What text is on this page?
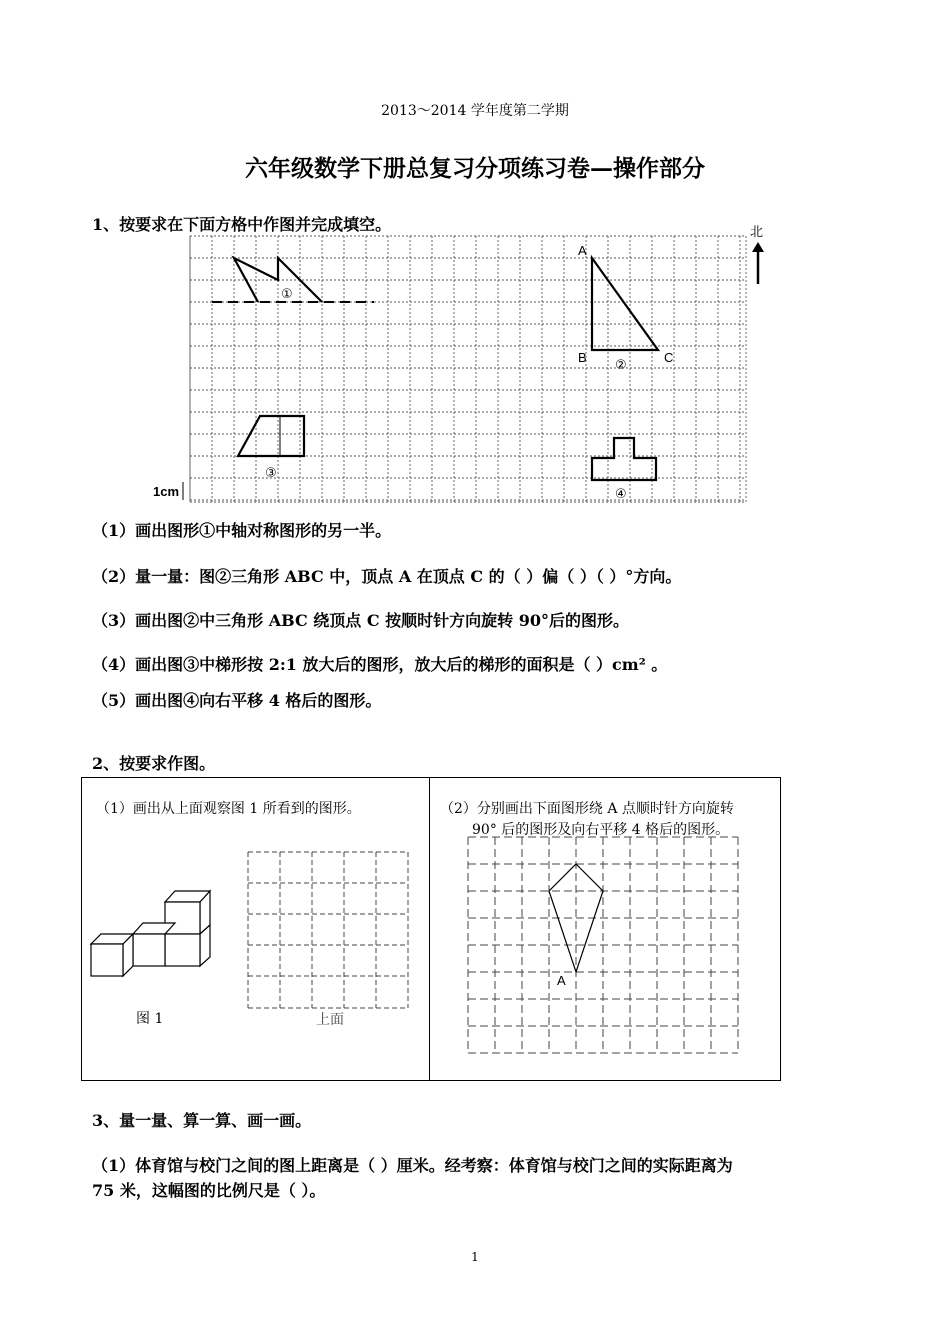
2013～2014 学年度第二学期
六年级数学下册总复习分项练习卷—操作部分
1、按要求在下面方格中作图并完成填空。
①
A
B	C
②
③
④
北
1cm
（1）画出图形①中轴对称图形的另一半。
（2）量一量：图②三角形 ABC 中，顶点 A 在顶点 C 的（ ）偏（ ）（ ）°方向。
（3）画出图②中三角形 ABC 绕顶点 C 按顺时针方向旋转 90°后的图形。
（4）画出图③中梯形按 2:1 放大后的图形，放大后的梯形的面积是（ ）cm² 。
（5）画出图④向右平移 4 格后的图形。
2、按要求作图。
（1）画出从上面观察图 1 所看到的图形。	（2）分别画出下面图形绕 A 点顺时针方向旋转
90° 后的图形及向右平移 4 格后的图形。
图 1	上面
A
3、量一量、算一算、画一画。
（1）体育馆与校门之间的图上距离是（ ）厘米。经考察：体育馆与校门之间的实际距离为
75 米，这幅图的比例尺是（ ）。
1
